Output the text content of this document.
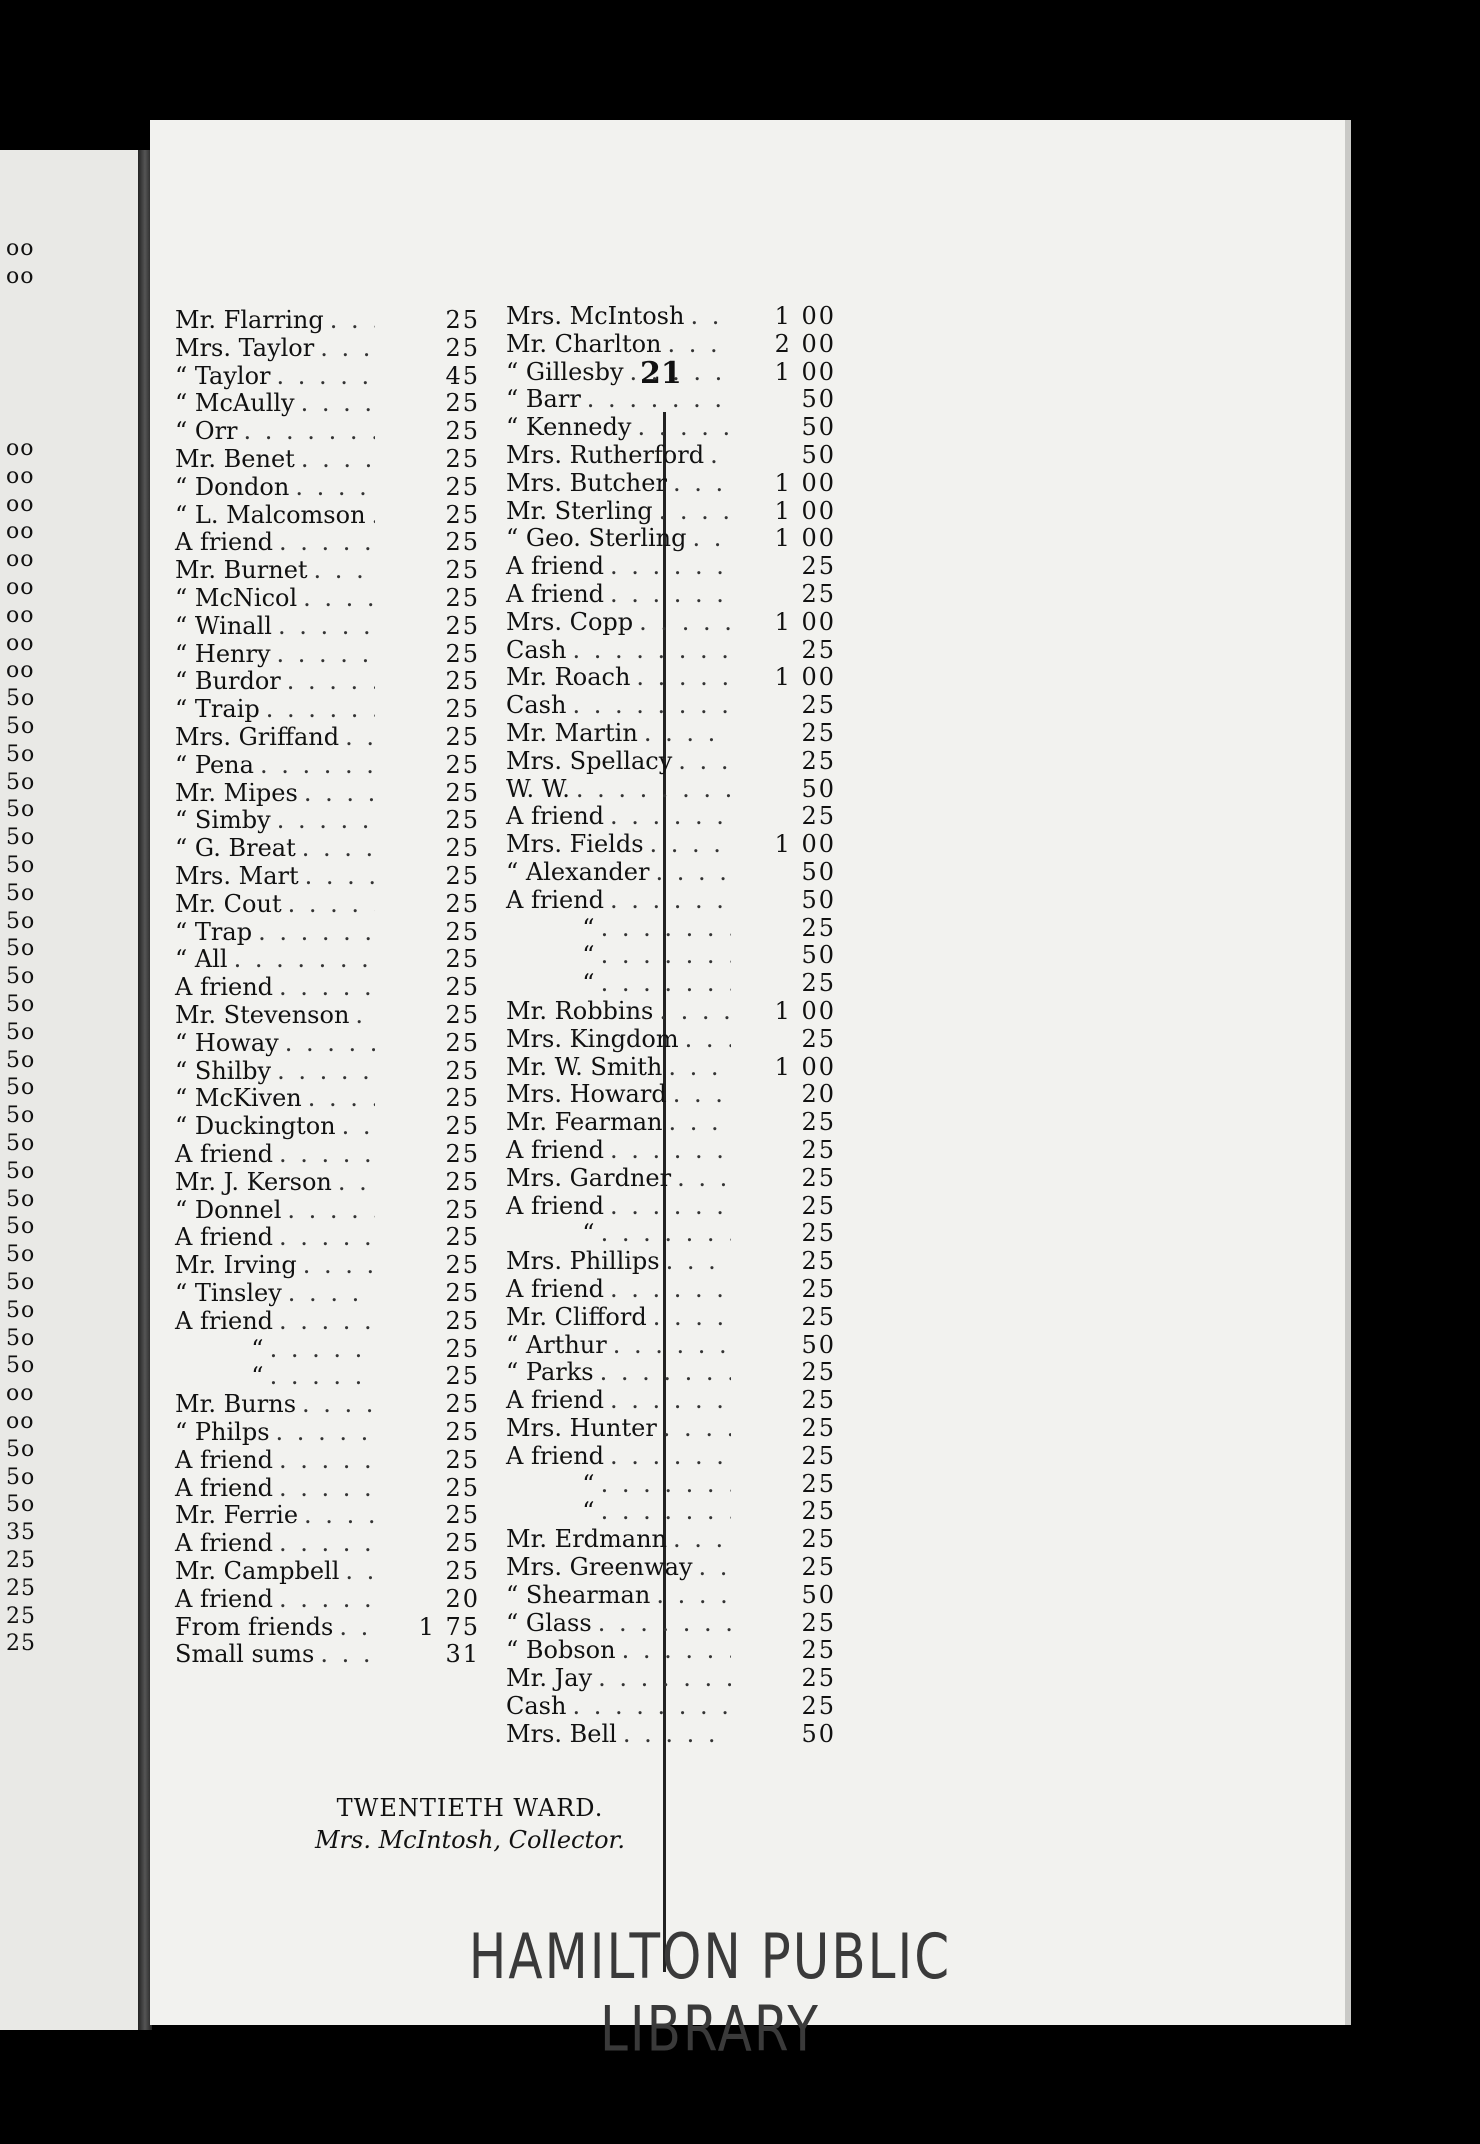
oo
oo
oo
oo
oo
oo
oo
oo
oo
oo
oo
5o
5o
5o
5o
5o
5o
5o
5o
5o
5o
5o
5o
5o
5o
5o
5o
5o
5o
5o
5o
5o
5o
5o
5o
5o
oo
oo
5o
5o
5o
35
25
25
25
25
21
Mr. Flarring . . .	25
Mrs. Taylor . . .	25
“ Taylor . . .	45
“ McAully . . .	25
“ Orr . . .	25
Mr. Benet . . .	25
“ Dondon . . .	25
“ L. Malcomson . . .	25
A friend . . .	25
Mr. Burnet . . .	25
“ McNicol . . .	25
“ Winall . . .	25
“ Henry . . .	25
“ Burdor . . .	25
“ Traip . . .	25
Mrs. Griffand . . .	25
“ Pena . . .	25
Mr. Mipes . . .	25
“ Simby . . .	25
“ G. Breat . . .	25
Mrs. Mart . . .	25
Mr. Cout . . .	25
“ Trap . . .	25
“ All . . .	25
A friend . . .	25
Mr. Stevenson . . .	25
“ Howay . . .	25
“ Shilby . . .	25
“ McKiven . . .	25
“ Duckington . . .	25
A friend . . .	25
Mr. J. Kerson . . .	25
“ Donnel . . .	25
A friend . . .	25
Mr. Irving . . .	25
“ Tinsley . . .	25
A friend . . .	25
“ . . .	25
“ . . .	25
Mr. Burns . . .	25
“ Philps . . .	25
A friend . . .	25
A friend . . .	25
Mr. Ferrie . . .	25
A friend . . .	25
Mr. Campbell . . .	25
A friend . . .	20
From friends . . .	1 75
Small sums . . .	31
Mrs. McIntosh . . .	1 00
Mr. Charlton . . .	2 00
“ Gillesby . . .	1 00
“ Barr . . .	50
“ Kennedy . . .	50
Mrs. Rutherford . . .	50
Mrs. Butcher . . .	1 00
Mr. Sterling . . .	1 00
“ Geo. Sterling . . .	1 00
A friend . . .	25
A friend . . .	25
Mrs. Copp . . .	1 00
Cash . . .	25
Mr. Roach . . .	1 00
Cash . . .	25
Mr. Martin . . .	25
Mrs. Spellacy . . .	25
W. W. . . .	50
A friend . . .	25
Mrs. Fields . . .	1 00
“ Alexander . . .	50
A friend . . .	50
“ . . .	25
“ . . .	50
“ . . .	25
Mr. Robbins . . .	1 00
Mrs. Kingdom . . .	25
Mr. W. Smith . . .	1 00
Mrs. Howard . . .	20
Mr. Fearman . . .	25
A friend . . .	25
Mrs. Gardner . . .	25
A friend . . .	25
“ . . .	25
Mrs. Phillips . . .	25
A friend . . .	25
Mr. Clifford . . .	25
“ Arthur . . .	50
“ Parks . . .	25
A friend . . .	25
Mrs. Hunter . . .	25
A friend . . .	25
“ . . .	25
“ . . .	25
Mr. Erdmann . . .	25
Mrs. Greenway . . .	25
“ Shearman . . .	50
“ Glass . . .	25
“ Bobson . . .	25
Mr. Jay . . .	25
Cash . . .	25
Mrs. Bell . . .	50
TWENTIETH WARD.
Mrs. McIntosh, Collector.
HAMILTON PUBLIC LIBRARY
